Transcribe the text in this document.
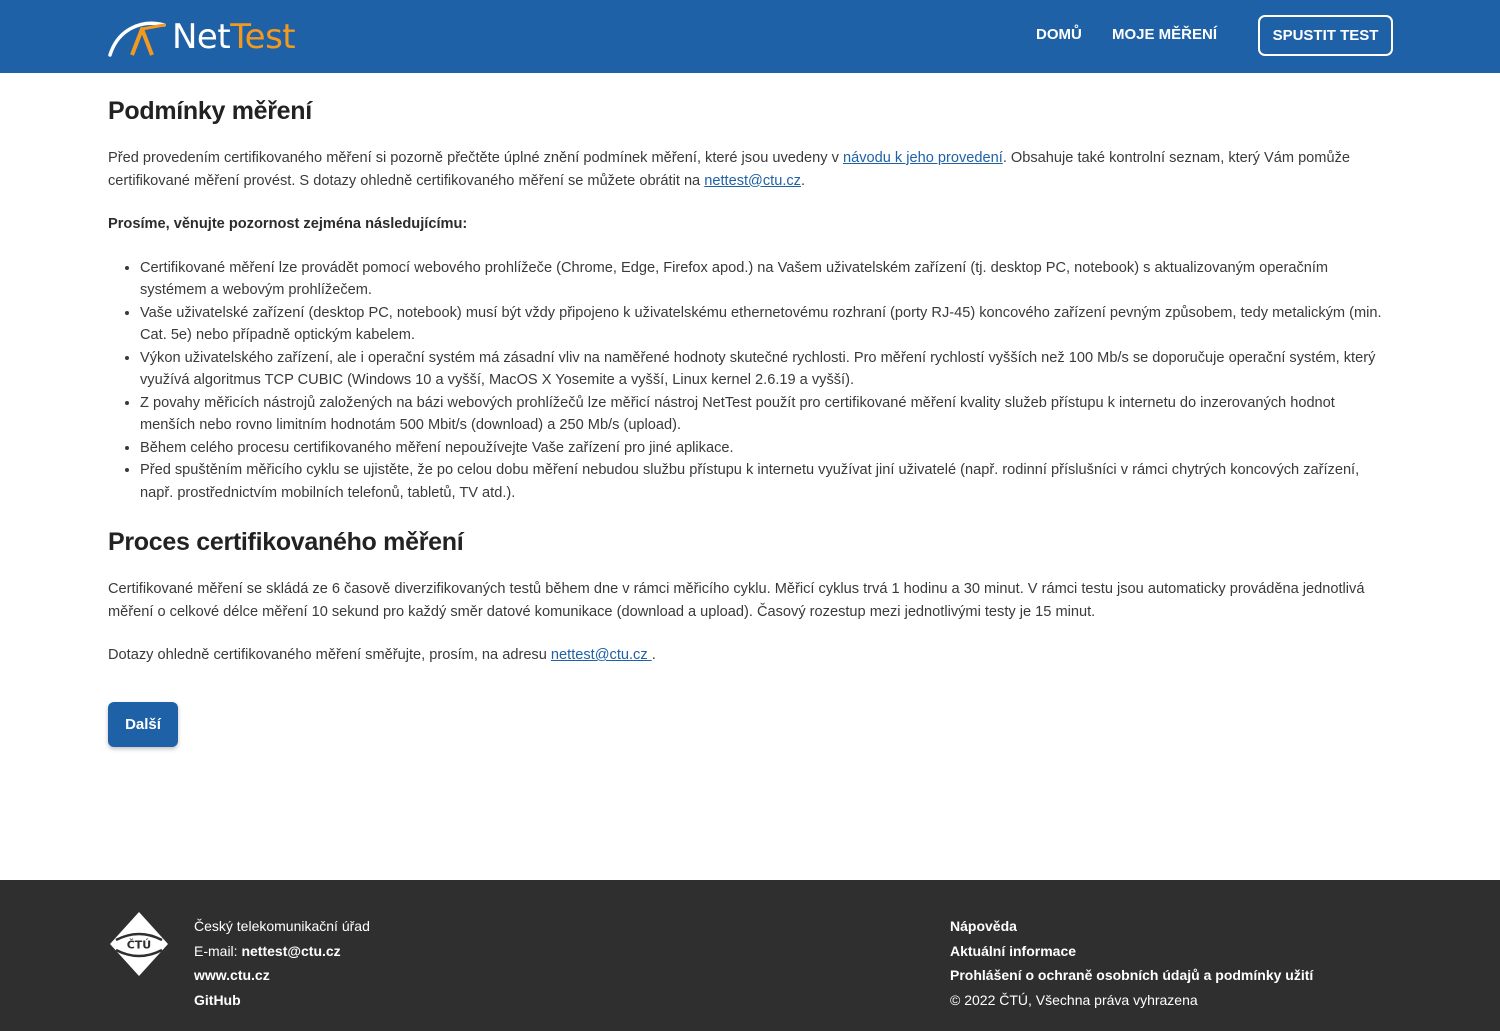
NetTest	DOMŮ MOJE MĚŘENÍ	SPUSTIT TEST
Podmínky měření

Před provedením certifikovaného měření si pozorně přečtěte úplné znění podmínek měření, které jsou uvedeny v návodu k jeho provedení. Obsahuje také kontrolní seznam, který Vám pomůže certifikované měření provést. S dotazy ohledně certifikovaného měření se můžete obrátit na nettest@ctu.cz.

Prosíme, věnujte pozornost zejména následujícímu:

• Certifikované měření lze provádět pomocí webového prohlížeče (Chrome, Edge, Firefox apod.) na Vašem uživatelském zařízení (tj. desktop PC, notebook) s aktualizovaným operačním systémem a webovým prohlížečem.
• Vaše uživatelské zařízení (desktop PC, notebook) musí být vždy připojeno k uživatelskému ethernetovému rozhraní (porty RJ-45) koncového zařízení pevným způsobem, tedy metalickým (min. Cat. 5e) nebo případně optickým kabelem.
• Výkon uživatelského zařízení, ale i operační systém má zásadní vliv na naměřené hodnoty skutečné rychlosti. Pro měření rychlostí vyšších než 100 Mb/s se doporučuje operační systém, který využívá algoritmus TCP CUBIC (Windows 10 a vyšší, MacOS X Yosemite a vyšší, Linux kernel 2.6.19 a vyšší).
• Z povahy měřicích nástrojů založených na bázi webových prohlížečů lze měřicí nástroj NetTest použít pro certifikované měření kvality služeb přístupu k internetu do inzerovaných hodnot menších nebo rovno limitním hodnotám 500 Mbit/s (download) a 250 Mb/s (upload).
• Během celého procesu certifikovaného měření nepoužívejte Vaše zařízení pro jiné aplikace.
• Před spuštěním měřicího cyklu se ujistěte, že po celou dobu měření nebudou službu přístupu k internetu využívat jiní uživatelé (např. rodinní příslušníci v rámci chytrých koncových zařízení, např. prostřednictvím mobilních telefonů, tabletů, TV atd.).
Proces certifikovaného měření

Certifikované měření se skládá ze 6 časově diverzifikovaných testů během dne v rámci měřicího cyklu. Měřicí cyklus trvá 1 hodinu a 30 minut. V rámci testu jsou automaticky prováděna jednotlivá měření o celkové délce měření 10 sekund pro každý směr datové komunikace (download a upload). Časový rozestup mezi jednotlivými testy je 15 minut.

Dotazy ohledně certifikovaného měření směřujte, prosím, na adresu nettest@ctu.cz .

Další
ČTÚ
Český telekomunikační úřad
E-mail: nettest@ctu.cz
www.ctu.cz
GitHub
Nápověda
Aktuální informace
Prohlášení o ochraně osobních údajů a podmínky užití
© 2022 ČTÚ, Všechna práva vyhrazena
